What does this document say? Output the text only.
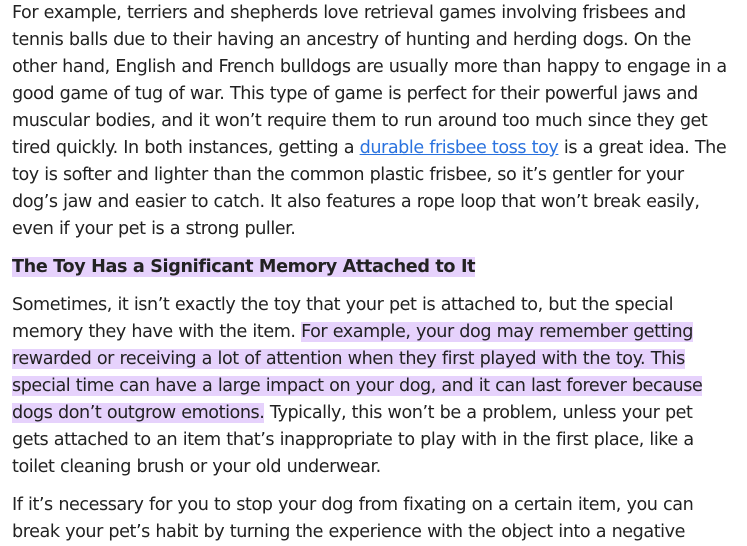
For example, terriers and shepherds love retrieval games involving frisbees and tennis balls due to their having an ancestry of hunting and herding dogs. On the other hand, English and French bulldogs are usually more than happy to engage in a good game of tug of war. This type of game is perfect for their powerful jaws and muscular bodies, and it won’t require them to run around too much since they get tired quickly. In both instances, getting a durable frisbee toss toy is a great idea. The toy is softer and lighter than the common plastic frisbee, so it’s gentler for your dog’s jaw and easier to catch. It also features a rope loop that won’t break easily, even if your pet is a strong puller.

The Toy Has a Significant Memory Attached to It

Sometimes, it isn’t exactly the toy that your pet is attached to, but the special memory they have with the item. For example, your dog may remember getting rewarded or receiving a lot of attention when they first played with the toy. This special time can have a large impact on your dog, and it can last forever because dogs don’t outgrow emotions. Typically, this won’t be a problem, unless your pet gets attached to an item that’s inappropriate to play with in the first place, like a toilet cleaning brush or your old underwear.

If it’s necessary for you to stop your dog from fixating on a certain item, you can break your pet’s habit by turning the experience with the object into a negative
